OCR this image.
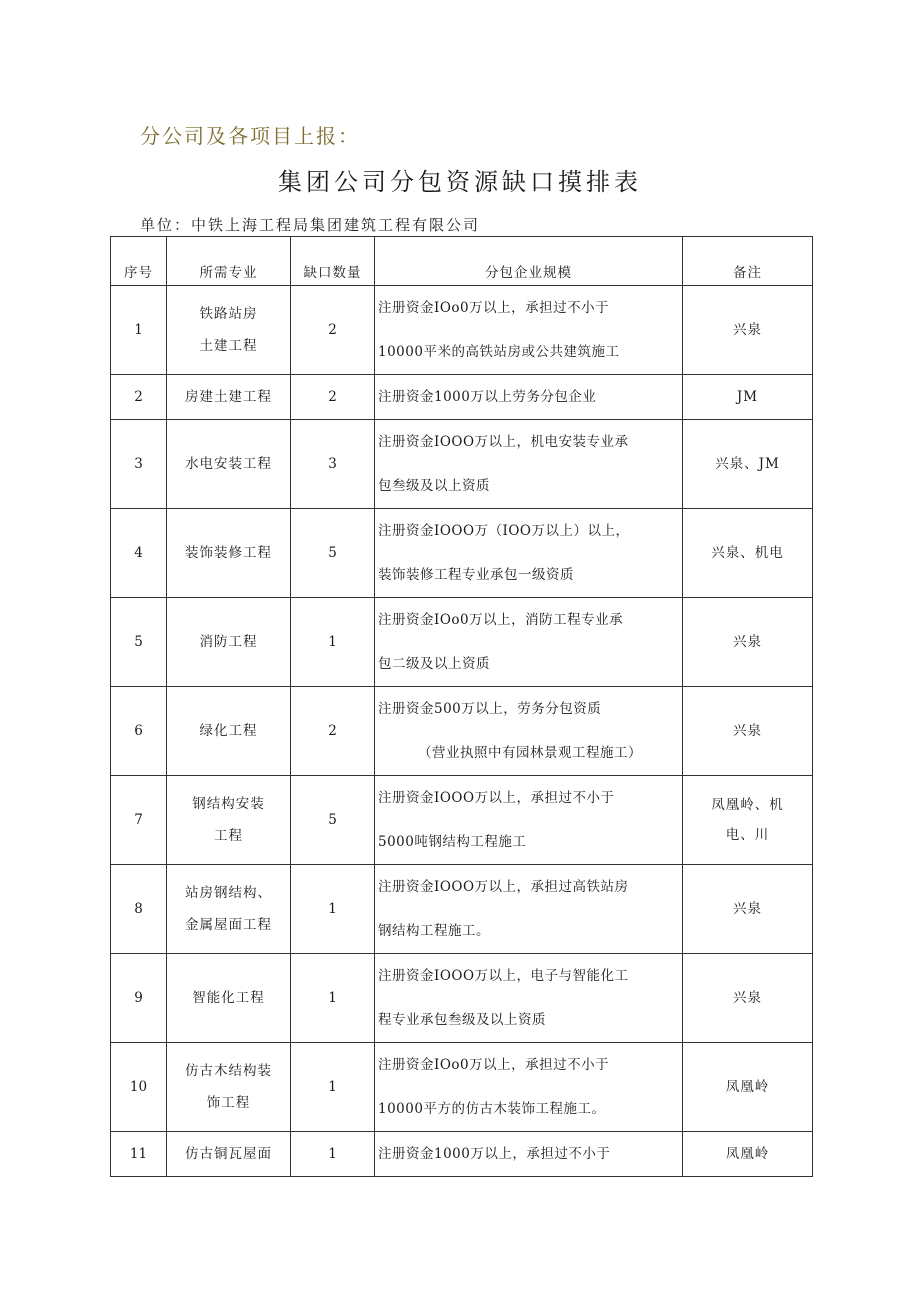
分公司及各项目上报：
集团公司分包资源缺口摸排表
单位：中铁上海工程局集团建筑工程有限公司
序号	所需专业	缺口数量	分包企业规模	备注
1	铁路站房
土建工程	2	注册资金IOo0万以上，承担过不小于
10000平米的高铁站房或公共建筑施工	兴泉

2	房建土建工程	2	注册资金1000万以上劳务分包企业	JM

3	水电安装工程	3	注册资金IOOO万以上，机电安装专业承
包叁级及以上资质	兴泉、JM

4	装饰装修工程	5	注册资金IOOO万（IOO万以上）以上，
装饰装修工程专业承包一级资质	兴泉、机电

5	消防工程	1	注册资金IOo0万以上，消防工程专业承
包二级及以上资质	兴泉

6	绿化工程	2	注册资金500万以上，劳务分包资质
（营业执照中有园林景观工程施工）	兴泉

7	钢结构安装
工程	5	注册资金IOOO万以上，承担过不小于
5000吨钢结构工程施工	凤凰岭、机
电、川

8	站房钢结构、
金属屋面工程	1	注册资金IOOO万以上，承担过高铁站房
钢结构工程施工。	兴泉

9	智能化工程	1	注册资金IOOO万以上，电子与智能化工
程专业承包叁级及以上资质	兴泉

10	仿古木结构装
饰工程	1	注册资金IOo0万以上，承担过不小于
10000平方的仿古木装饰工程施工。	凤凰岭

11	仿古铜瓦屋面	1	注册资金1000万以上，承担过不小于	凤凰岭
